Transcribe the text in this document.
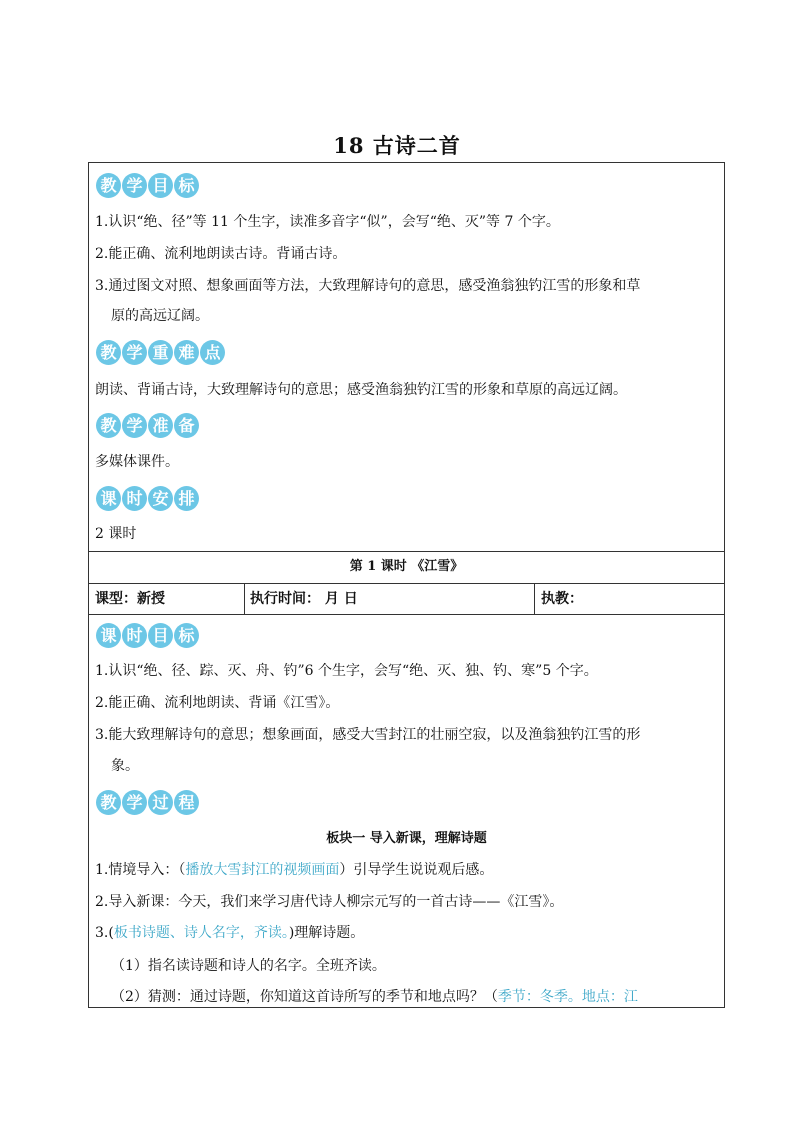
18 古诗二首
教 学 目 标
1.认识“绝、径”等 11 个生字，读准多音字“似”，会写“绝、灭”等 7 个字。
2.能正确、流利地朗读古诗。背诵古诗。
3.通过图文对照、想象画面等方法，大致理解诗句的意思，感受渔翁独钓江雪的形象和草
原的高远辽阔。
教 学 重 难 点
朗读、背诵古诗，大致理解诗句的意思；感受渔翁独钓江雪的形象和草原的高远辽阔。
教 学 准 备
多媒体课件。
课 时 安 排
2 课时
第 1 课时 《江雪》
课型：新授	执行时间： 月 日	执教：
课 时 目 标
1.认识“绝、径、踪、灭、舟、钓”6 个生字，会写“绝、灭、独、钓、寒”5 个字。
2.能正确、流利地朗读、背诵《江雪》。
3.能大致理解诗句的意思；想象画面，感受大雪封江的壮丽空寂，以及渔翁独钓江雪的形
象。
教 学 过 程
板块一 导入新课，理解诗题
1.情境导入：（播放大雪封江的视频画面）引导学生说说观后感。
2.导入新课：今天，我们来学习唐代诗人柳宗元写的一首古诗——《江雪》。
3.(板书诗题、诗人名字，齐读。)理解诗题。
（1）指名读诗题和诗人的名字。全班齐读。
（2）猜测：通过诗题，你知道这首诗所写的季节和地点吗？（季节：冬季。地点：江
